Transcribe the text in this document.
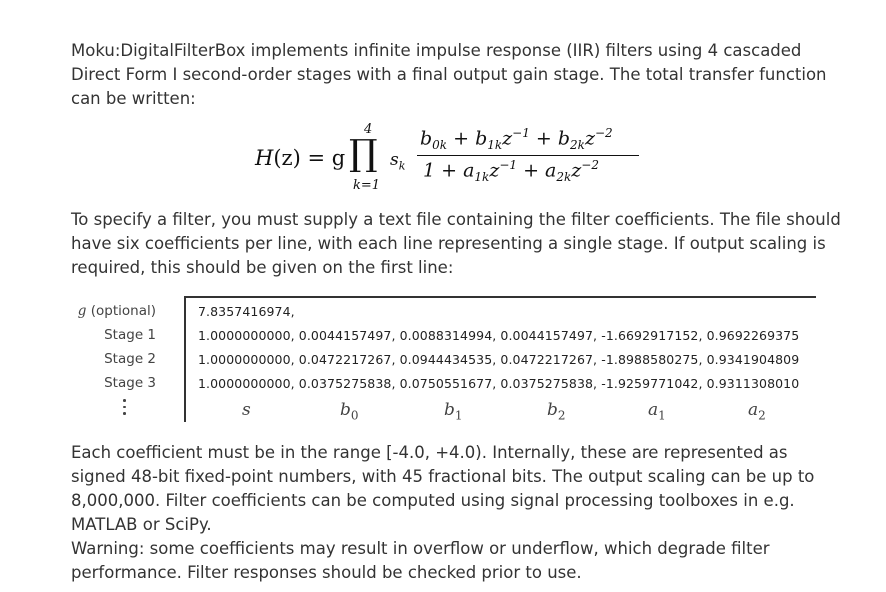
Moku:DigitalFilterBox implements infinite impulse response (IIR) filters using 4 cascaded Direct Form I second-order stages with a final output gain stage. The total transfer function can be written:

H(z) = g
4
∏
k=1
$s_k$
$b_{0k} + b_{1k}z^{-1} + b_{2k}z^{-2}$
$1 + a_{1k}z^{-1} + a_{2k}z^{-2}$

To specify a filter, you must supply a text file containing the filter coefficients. The file should have six coefficients per line, with each line representing a single stage. If output scaling is required, this should be given on the first line:

g (optional)	7.8357416974,
Stage 1	1.0000000000, 0.0044157497, 0.0088314994, 0.0044157497, -1.6692917152, 0.9692269375
Stage 2	1.0000000000, 0.0472217267, 0.0944434535, 0.0472217267, -1.8988580275, 0.9341904809
Stage 3	1.0000000000, 0.0375275838, 0.0750551677, 0.0375275838, -1.9259771042, 0.9311308010
s	$b_0$	$b_1$	$b_2$	$a_1$	$a_2$

Each coefficient must be in the range [-4.0, +4.0). Internally, these are represented as signed 48-bit fixed-point numbers, with 45 fractional bits. The output scaling can be up to 8,000,000. Filter coefficients can be computed using signal processing toolboxes in e.g. MATLAB or SciPy.

Warning: some coefficients may result in overflow or underflow, which degrade filter performance. Filter responses should be checked prior to use.
